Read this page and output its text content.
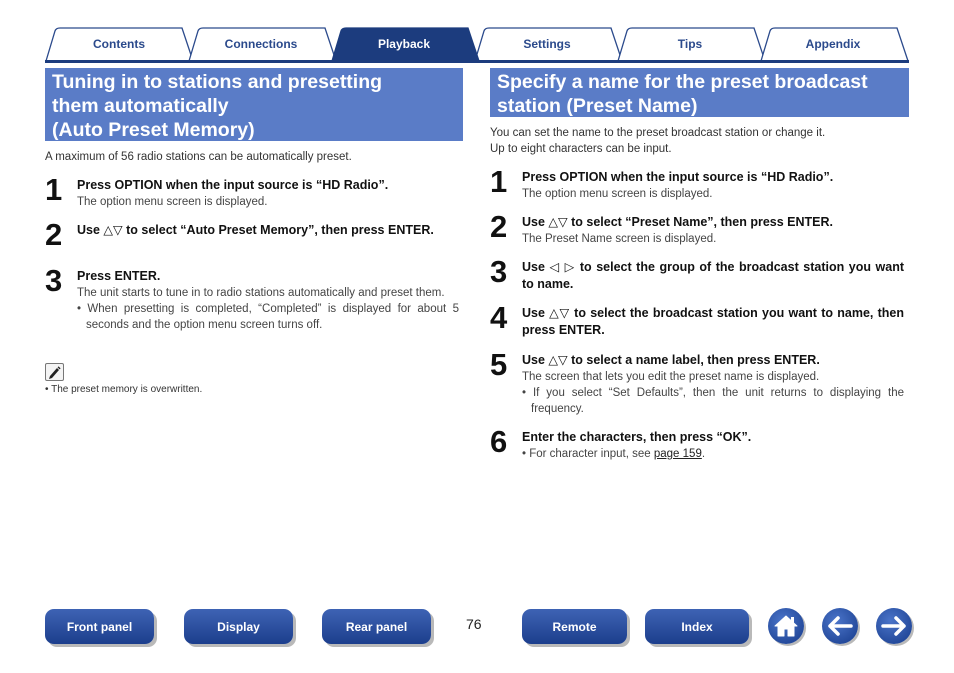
Contents	Connections	Playback	Settings	Tips	Appendix
Tuning in to stations and presetting
them automatically
(Auto Preset Memory)
A maximum of 56 radio stations can be automatically preset.
1 Press OPTION when the input source is “HD Radio”.
The option menu screen is displayed.
2 Use △▽ to select “Auto Preset Memory”, then press ENTER.
3 Press ENTER.
The unit starts to tune in to radio stations automatically and preset them.
• When presetting is completed, “Completed” is displayed for about 5 seconds and the option menu screen turns off.
• The preset memory is overwritten.
Specify a name for the preset broadcast
station (Preset Name)
You can set the name to the preset broadcast station or change it.
Up to eight characters can be input.
1 Press OPTION when the input source is “HD Radio”.
The option menu screen is displayed.
2 Use △▽ to select “Preset Name”, then press ENTER.
The Preset Name screen is displayed.
3 Use ◁ ▷ to select the group of the broadcast station you want to name.
4 Use △▽ to select the broadcast station you want to name, then press ENTER.
5 Use △▽ to select a name label, then press ENTER.
The screen that lets you edit the preset name is displayed.
• If you select “Set Defaults”, then the unit returns to displaying the frequency.
6 Enter the characters, then press “OK”.
• For character input, see page 159.
Front panel	Display	Rear panel	76	Remote	Index
